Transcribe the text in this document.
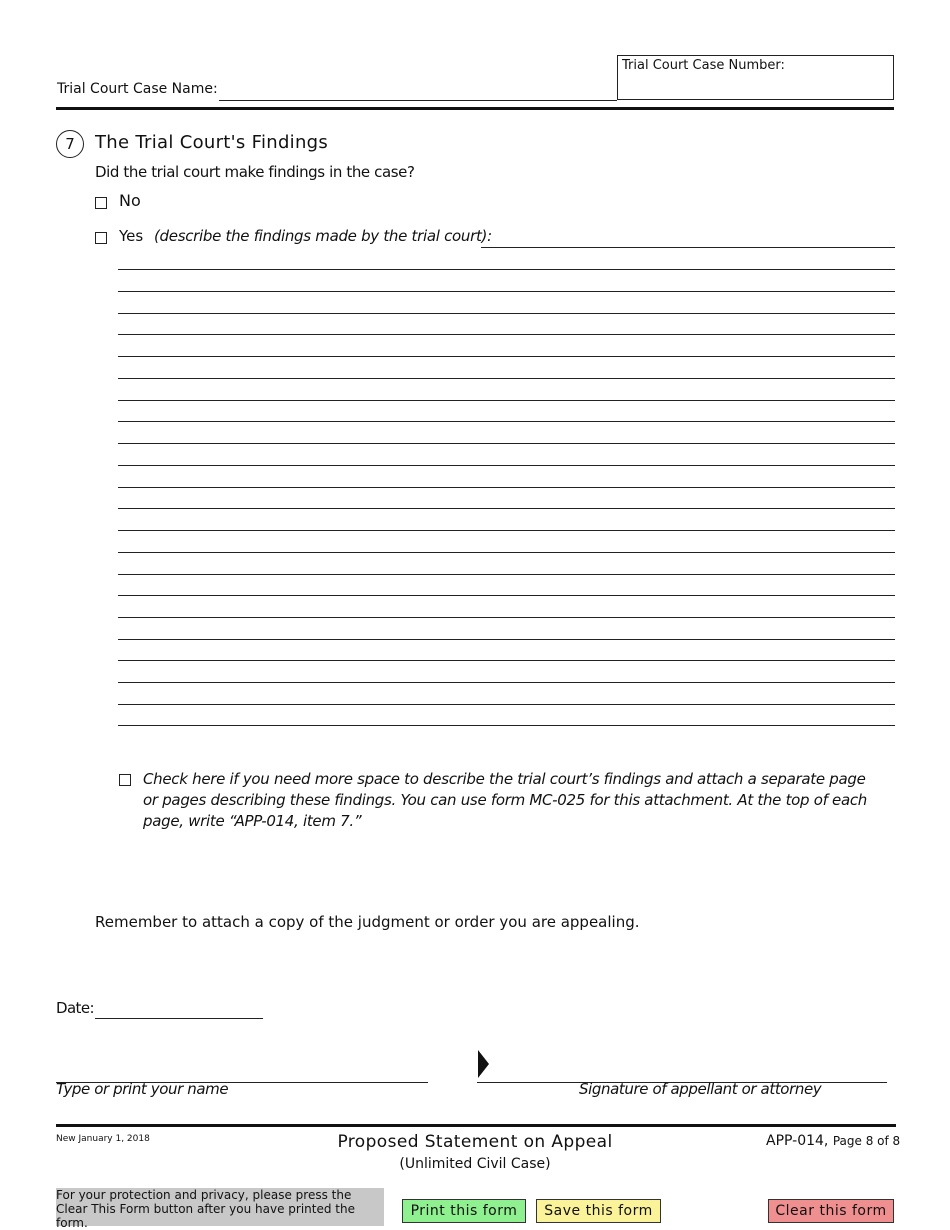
Trial Court Case Name:
Trial Court Case Number:
7	The Trial Court's Findings
Did the trial court make findings in the case?
No
Yes (describe the findings made by the trial court):
Check here if you need more space to describe the trial court’s findings and attach a separate page or pages describing these findings. You can use form MC-025 for this attachment. At the top of each page, write “APP-014, item 7.”
Remember to attach a copy of the judgment or order you are appealing.
Date:
Type or print your name	Signature of appellant or attorney
New January 1, 2018	Proposed Statement on Appeal
(Unlimited Civil Case)
APP-014, Page 8 of 8
For your protection and privacy, please press the Clear This Form button after you have printed the form.
Print this form	Save this form	Clear this form
